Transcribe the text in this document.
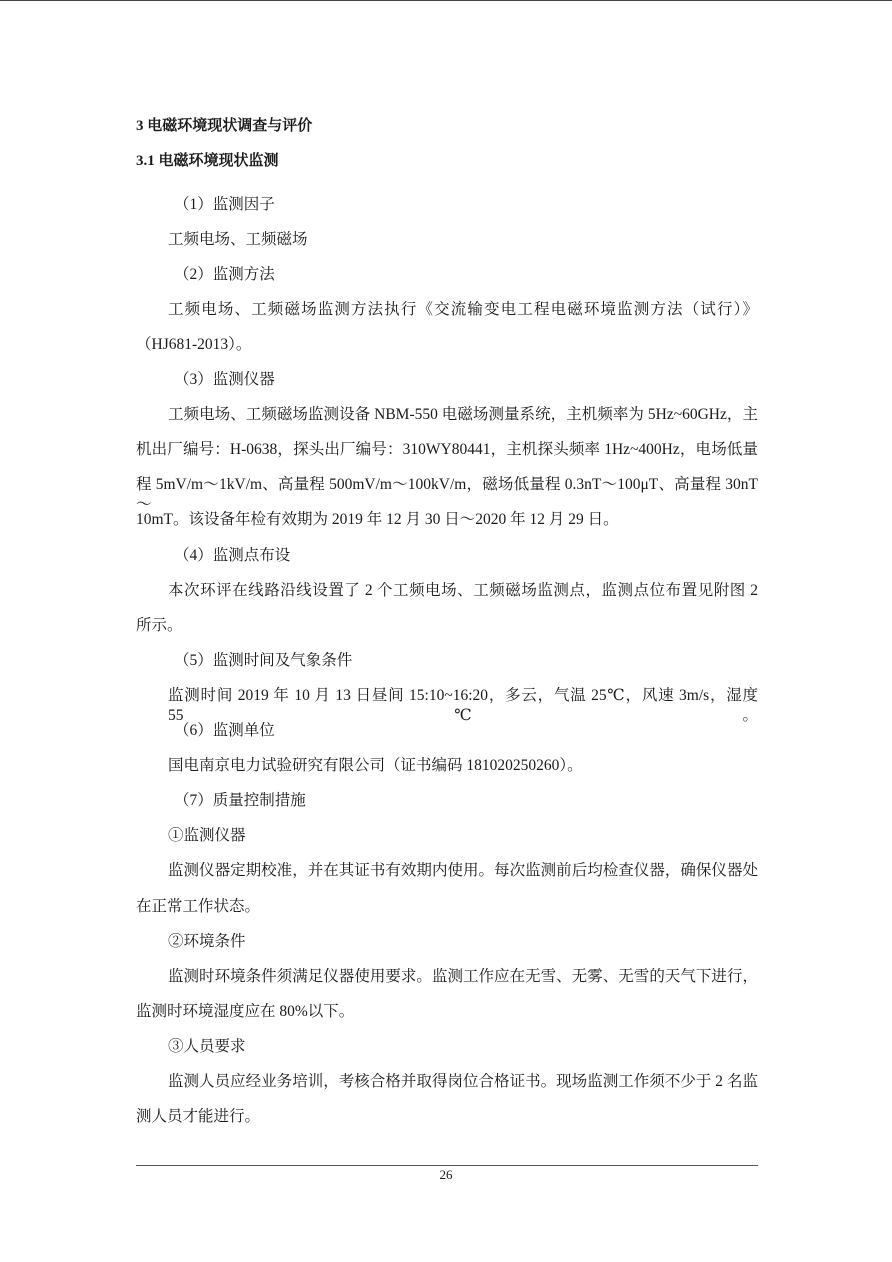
3 电磁环境现状调查与评价
3.1 电磁环境现状监测
（1）监测因子
工频电场、工频磁场
（2）监测方法
工频电场、工频磁场监测方法执行《交流输变电工程电磁环境监测方法（试行）》
（HJ681-2013）。
（3）监测仪器
工频电场、工频磁场监测设备 NBM-550 电磁场测量系统，主机频率为 5Hz~60GHz，主
机出厂编号：H-0638，探头出厂编号：310WY80441，主机探头频率 1Hz~400Hz，电场低量
程 5mV/m～1kV/m、高量程 500mV/m～100kV/m，磁场低量程 0.3nT～100μT、高量程 30nT～
10mT。该设备年检有效期为 2019 年 12 月 30 日～2020 年 12 月 29 日。
（4）监测点布设
本次环评在线路沿线设置了 2 个工频电场、工频磁场监测点，监测点位布置见附图 2
所示。
（5）监测时间及气象条件
监测时间 2019 年 10 月 13 日昼间 15:10~16:20，多云，气温 25℃，风速 3m/s，湿度 55℃。
（6）监测单位
国电南京电力试验研究有限公司（证书编码 181020250260）。
（7）质量控制措施
①监测仪器
监测仪器定期校准，并在其证书有效期内使用。每次监测前后均检查仪器，确保仪器处
在正常工作状态。
②环境条件
监测时环境条件须满足仪器使用要求。监测工作应在无雪、无雾、无雪的天气下进行，
监测时环境湿度应在 80%以下。
③人员要求
监测人员应经业务培训，考核合格并取得岗位合格证书。现场监测工作须不少于 2 名监
测人员才能进行。
26
